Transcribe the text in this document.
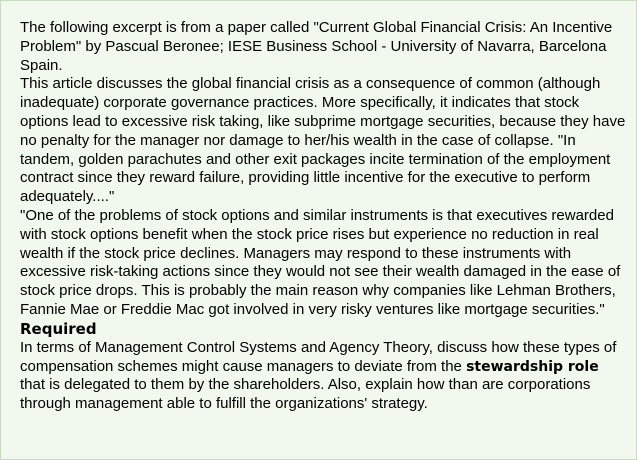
The following excerpt is from a paper called "Current Global Financial Crisis: An Incentive Problem" by Pascual Beronee; IESE Business School - University of Navarra, Barcelona Spain.

This article discusses the global financial crisis as a consequence of common (although inadequate) corporate governance practices. More specifically, it indicates that stock options lead to excessive risk taking, like subprime mortgage securities, because they have no penalty for the manager nor damage to her/his wealth in the case of collapse. "In tandem, golden parachutes and other exit packages incite termination of the employment contract since they reward failure, providing little incentive for the executive to perform adequately...."

"One of the problems of stock options and similar instruments is that executives rewarded with stock options benefit when the stock price rises but experience no reduction in real wealth if the stock price declines. Managers may respond to these instruments with excessive risk-taking actions since they would not see their wealth damaged in the ease of stock price drops. This is probably the main reason why companies like Lehman Brothers, Fannie Mae or Freddie Mac got involved in very risky ventures like mortgage securities."

Required

In terms of Management Control Systems and Agency Theory, discuss how these types of compensation schemes might cause managers to deviate from the stewardship role that is delegated to them by the shareholders. Also, explain how than are corporations through management able to fulfill the organizations' strategy.
